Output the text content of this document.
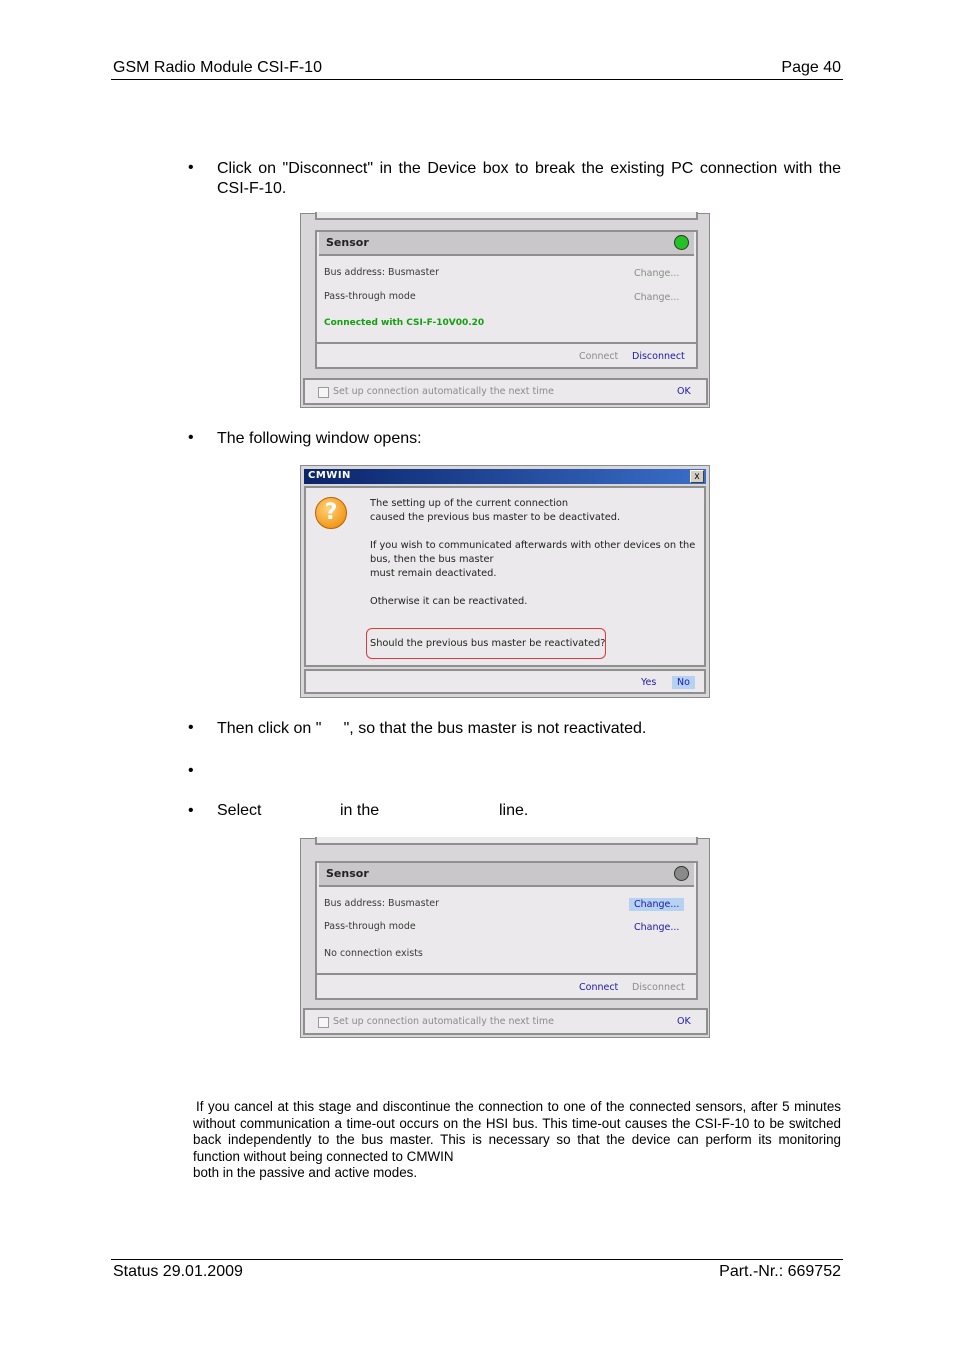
GSM Radio Module CSI-F-10	Page 40
• Click on "Disconnect" in the Device box to break the existing PC connection with the CSI-F-10.
Sensor
Bus address: Busmaster	Change...
Pass-through mode	Change...
Connected with CSI-F-10V00.20
Connect Disconnect
Set up connection automatically the next time	OK
• The following window opens:
CMWIN	x
?	The setting up of the current connection
caused the previous bus master to be deactivated.
If you wish to communicated afterwards with other devices on the
bus, then the bus master
must remain deactivated.
Otherwise it can be reactivated.
Should the previous bus master be reactivated?
Yes	No
• Then click on "     ", so that the bus master is not reactivated.
•
• Select	in the	line.
Sensor
Bus address: Busmaster	Change...
Pass-through mode	Change...
No connection exists
Connect Disconnect
Set up connection automatically the next time	OK
If you cancel at this stage and discontinue the connection to one of the connected sensors, after 5 minutes without communication a time-out occurs on the HSI bus. This time-out causes the CSI-F-10 to be switched back independently to the bus master. This is necessary so that the device can perform its monitoring function without being connected to CMWIN
both in the passive and active modes.
Status 29.01.2009	Part.-Nr.: 669752
